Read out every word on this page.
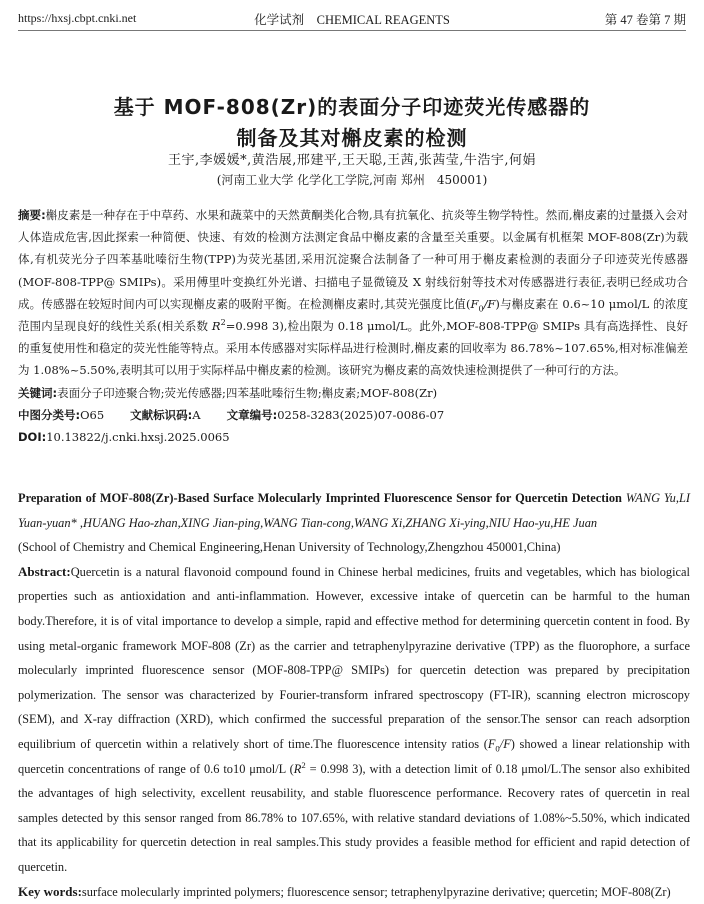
https://hxsj.cbpt.cnki.net	化学试剂　CHEMICAL REAGENTS	第 47 卷第 7 期
基于 MOF-808(Zr)的表面分子印迹荧光传感器的
制备及其对槲皮素的检测
王宇,李媛媛*,黄浩展,邢建平,王天聪,王茜,张茜莹,牛浩宇,何娟
(河南工业大学 化学化工学院,河南 郑州　450001)

摘要:槲皮素是一种存在于中草药、水果和蔬菜中的天然黄酮类化合物,具有抗氧化、抗炎等生物学特性。然而,槲皮素的过量摄入会对人体造成危害,因此探索一种简便、快速、有效的检测方法测定食品中槲皮素的含量至关重要。以金属有机框架 MOF-808(Zr)为载体,有机荧光分子四苯基吡嗪衍生物(TPP)为荧光基团,采用沉淀聚合法制备了一种可用于槲皮素检测的表面分子印迹荧光传感器(MOF-808-TPP@ SMIPs)。采用傅里叶变换红外光谱、扫描电子显微镜及 X 射线衍射等技术对传感器进行表征,表明已经成功合成。传感器在较短时间内可以实现槲皮素的吸附平衡。在检测槲皮素时,其荧光强度比值$(F_0/F)$与槲皮素在 0.6~10 μmol/L 的浓度范围内呈现良好的线性关系(相关系数 $R^2=0.998$ 3),检出限为 0.18 μmol/L。此外,MOF-808-TPP@ SMIPs 具有高选择性、良好的重复使用性和稳定的荧光性能等特点。采用本传感器对实际样品进行检测时,槲皮素的回收率为 86.78%~107.65%,相对标准偏差为 1.08%~5.50%,表明其可以用于实际样品中槲皮素的检测。该研究为槲皮素的高效快速检测提供了一种可行的方法。

关键词:表面分子印迹聚合物;荧光传感器;四苯基吡嗪衍生物;槲皮素;MOF-808(Zr)

中图分类号:O65 文献标识码:A 文章编号:0258-3283(2025)07-0086-07

DOI:10.13822/j.cnki.hxsj.2025.0065

Preparation of MOF-808(Zr)-Based Surface Molecularly Imprinted Fluorescence Sensor for Quercetin Detection WANG Yu,LI Yuan-yuan* ,HUANG Hao-zhan,XING Jian-ping,WANG Tian-cong,WANG Xi,ZHANG Xi-ying,NIU Hao-yu,HE Juan

(School of Chemistry and Chemical Engineering,Henan University of Technology,Zhengzhou 450001,China)

Abstract:Quercetin is a natural flavonoid compound found in Chinese herbal medicines, fruits and vegetables, which has biological properties such as antioxidation and anti-inflammation. However, excessive intake of quercetin can be harmful to the human body.Therefore, it is of vital importance to develop a simple, rapid and effective method for determining quercetin content in food. By using metal-organic framework MOF-808 (Zr) as the carrier and tetraphenylpyrazine derivative (TPP) as the fluorophore, a surface molecularly imprinted fluorescence sensor (MOF-808-TPP@ SMIPs) for quercetin detection was prepared by precipitation polymerization. The sensor was characterized by Fourier-transform infrared spectroscopy (FT-IR), scanning electron microscopy (SEM), and X-ray diffraction (XRD), which confirmed the successful preparation of the sensor.The sensor can reach adsorption equilibrium of quercetin within a relatively short of time.The fluorescence intensity ratios $(F_0/F)$ showed a linear relationship with quercetin concentrations of range of 0.6 to10 μmol/L ($R^2 = 0.998$ 3), with a detection limit of 0.18 μmol/L.The sensor also exhibited the advantages of high selectivity, excellent reusability, and stable fluorescence performance. Recovery rates of quercetin in real samples detected by this sensor ranged from 86.78% to 107.65%, with relative standard deviations of 1.08%~5.50%, which indicated that its applicability for quercetin detection in real samples.This study provides a feasible method for efficient and rapid detection of quercetin.

Key words:surface molecularly imprinted polymers; fluorescence sensor; tetraphenylpyrazine derivative; quercetin; MOF-808(Zr)
